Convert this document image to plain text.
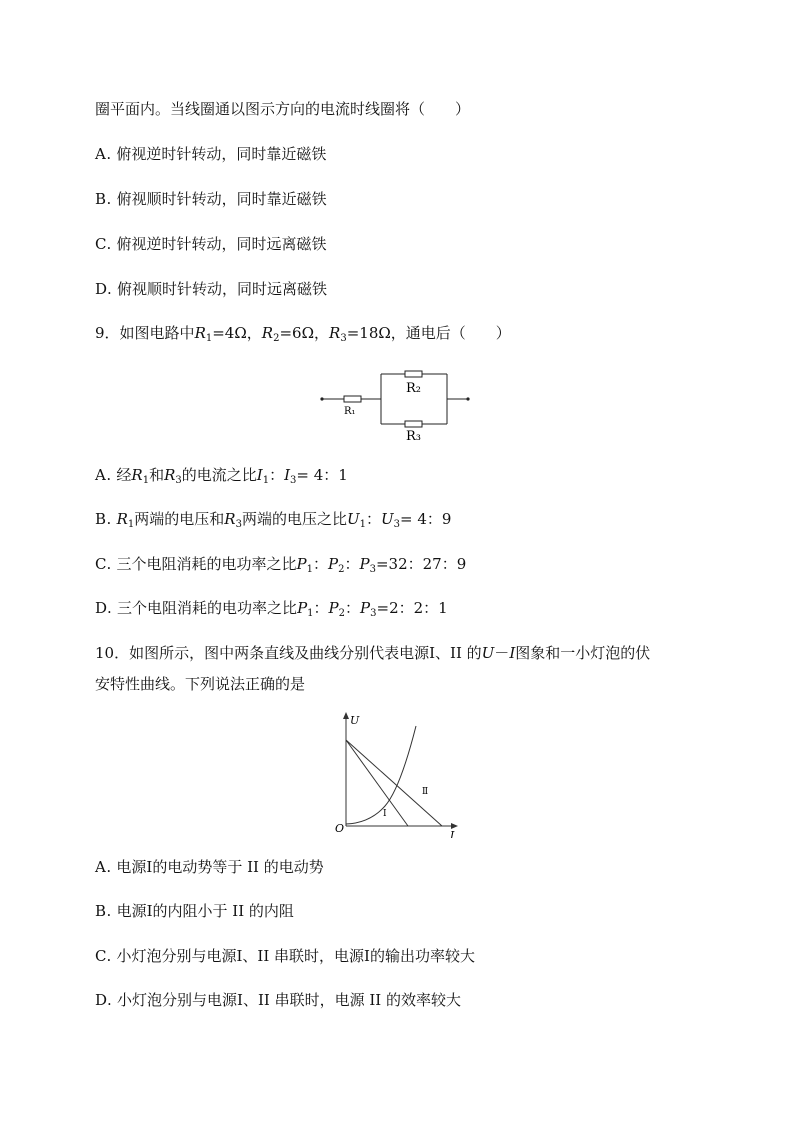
圈平面内。当线圈通以图示方向的电流时线圈将（　　）
A. 俯视逆时针转动，同时靠近磁铁
B. 俯视顺时针转动，同时靠近磁铁
C. 俯视逆时针转动，同时远离磁铁
D. 俯视顺时针转动，同时远离磁铁
9．如图电路中$R_1=4\Omega$，$R_2=6\Omega$，$R_3=18\Omega$，通电后（　　）
R₁
R₂
R₃
A. 经$R_1$和$R_3$的电流之比$I_1$：$I_3= 4$：1
B. $R_1$两端的电压和$R_3$两端的电压之比$U_1$：$U_3= 4$：9
C. 三个电阻消耗的电功率之比$P_1$：$P_2$：$P_3=32$：27：9
D. 三个电阻消耗的电功率之比$P_1$：$P_2$：$P_3=2$：2：1
10．如图所示，图中两条直线及曲线分别代表电源Ⅰ、II 的U－I图象和一小灯泡的伏
安特性曲线。下列说法正确的是
U
I
O
Ⅰ
Ⅱ
A. 电源Ⅰ的电动势等于 II 的电动势
B. 电源Ⅰ的内阻小于 II 的内阻
C. 小灯泡分别与电源Ⅰ、II 串联时，电源Ⅰ的输出功率较大
D. 小灯泡分别与电源Ⅰ、II 串联时，电源 II 的效率较大
